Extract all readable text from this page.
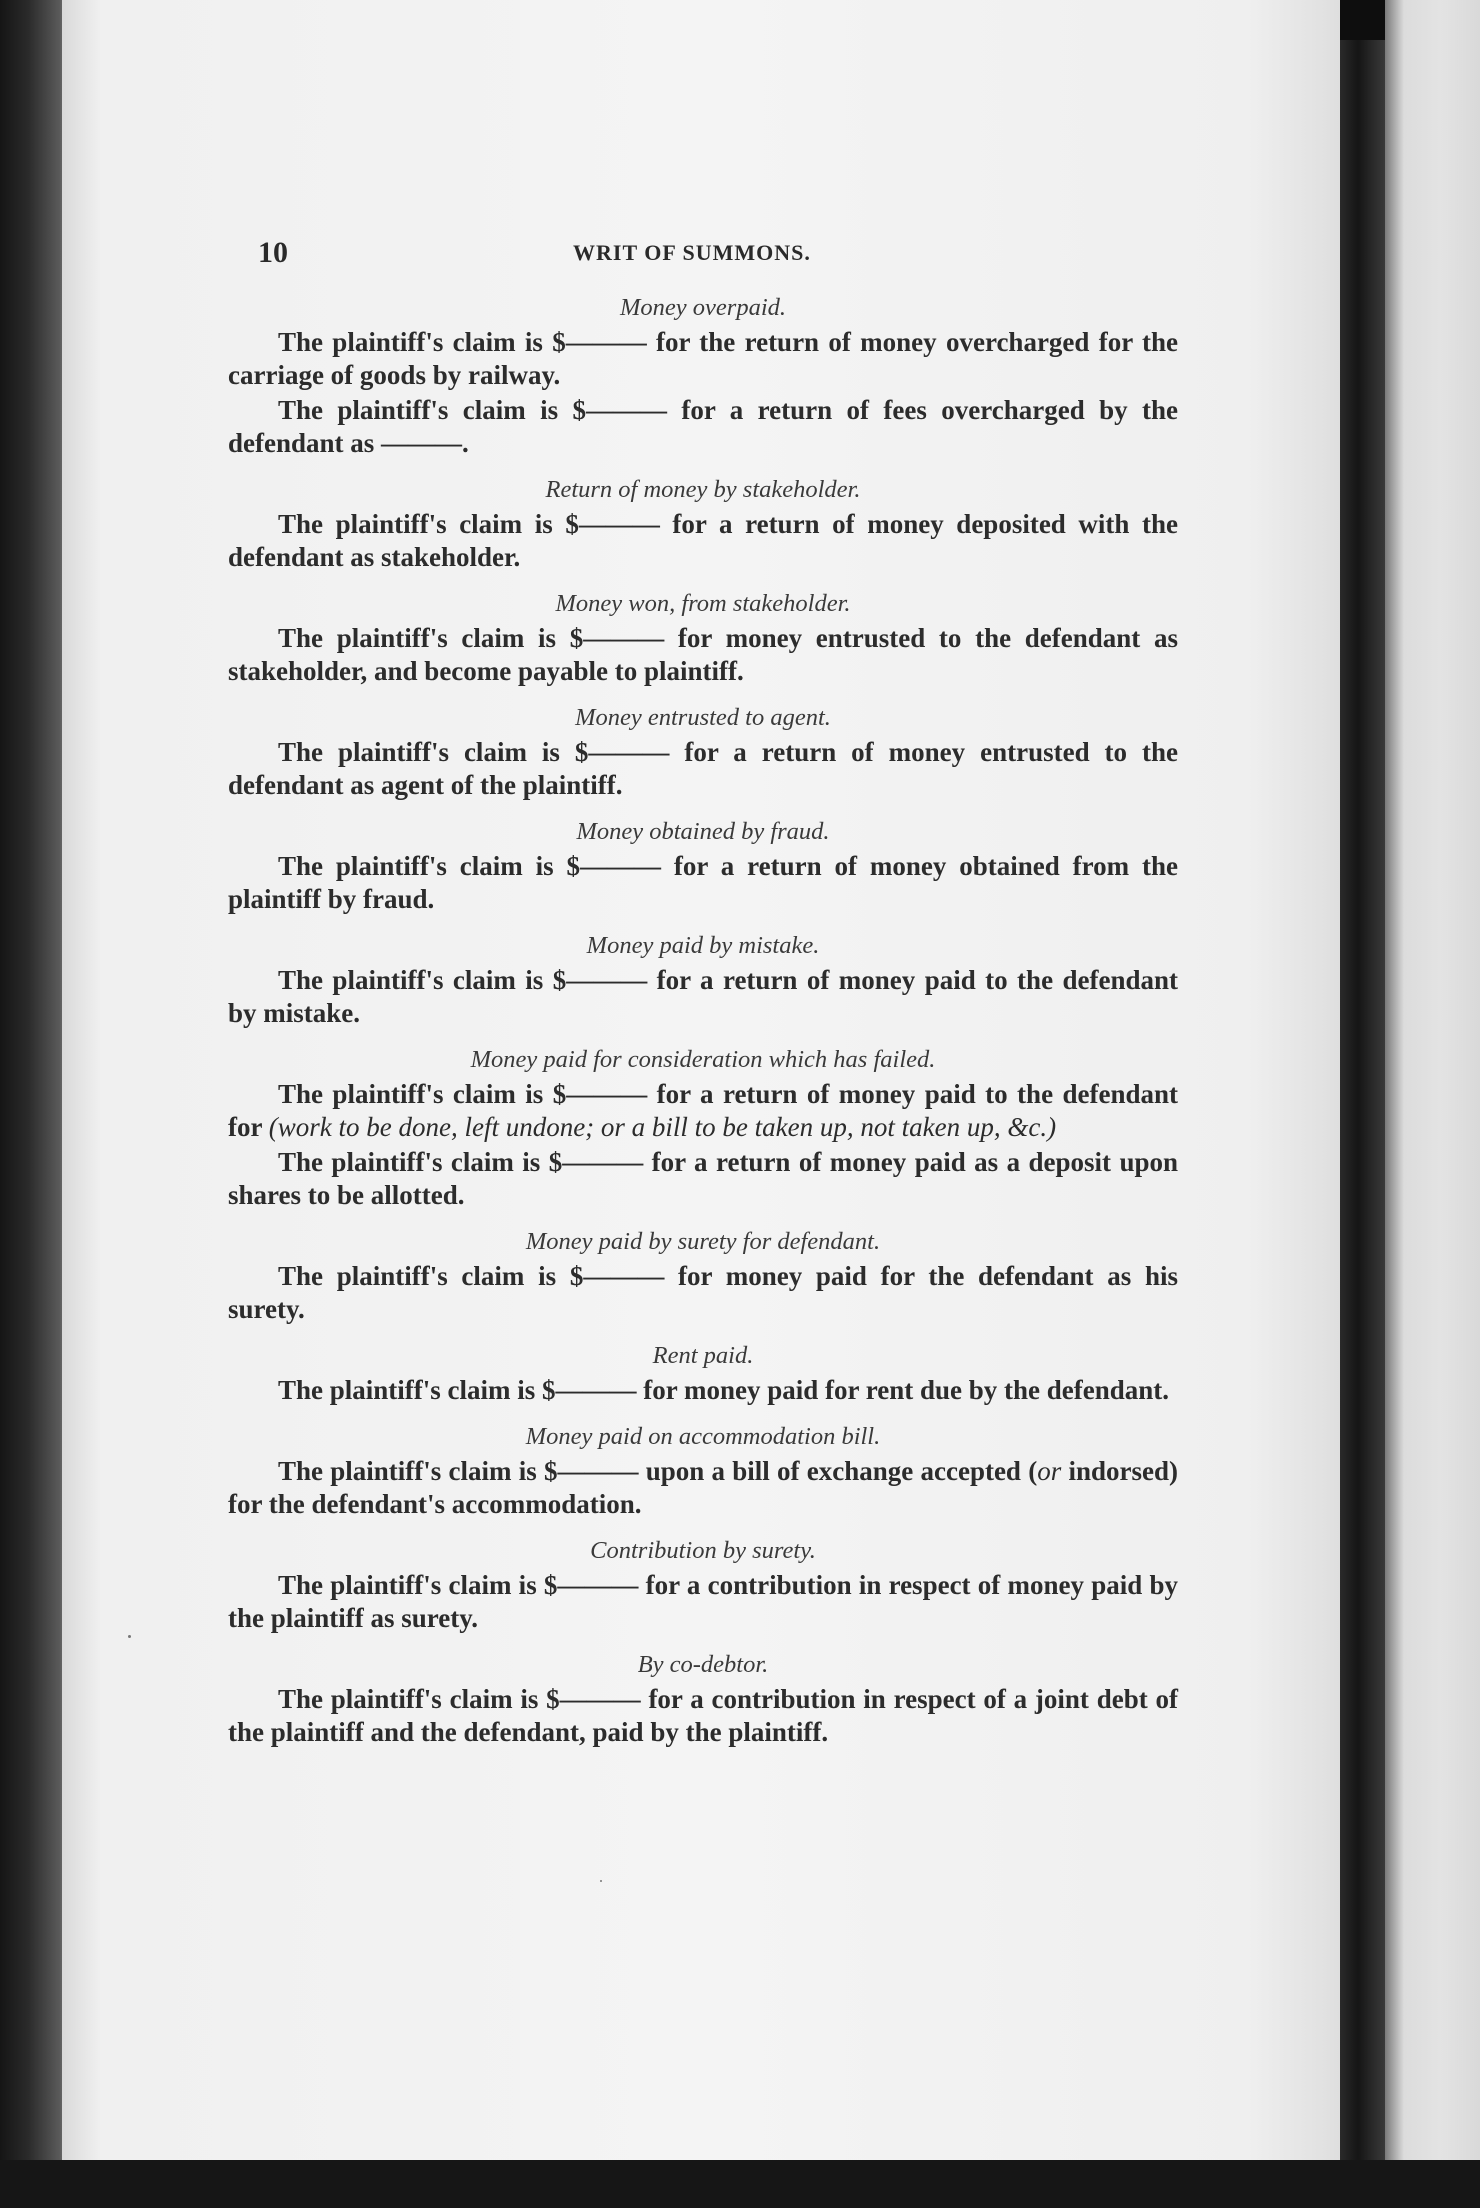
10	WRIT OF SUMMONS.
Money overpaid.
The plaintiff's claim is $——— for the return of money overcharged for the carriage of goods by railway.
The plaintiff's claim is $——— for a return of fees overcharged by the defendant as ———.
Return of money by stakeholder.
The plaintiff's claim is $——— for a return of money deposited with the defendant as stakeholder.
Money won, from stakeholder.
The plaintiff's claim is $——— for money entrusted to the defendant as stakeholder, and become payable to plaintiff.
Money entrusted to agent.
The plaintiff's claim is $——— for a return of money entrusted to the defendant as agent of the plaintiff.
Money obtained by fraud.
The plaintiff's claim is $——— for a return of money obtained from the plaintiff by fraud.
Money paid by mistake.
The plaintiff's claim is $——— for a return of money paid to the defendant by mistake.
Money paid for consideration which has failed.
The plaintiff's claim is $——— for a return of money paid to the defendant for (work to be done, left undone; or a bill to be taken up, not taken up, &c.)
The plaintiff's claim is $——— for a return of money paid as a deposit upon shares to be allotted.
Money paid by surety for defendant.
The plaintiff's claim is $——— for money paid for the defendant as his surety.
Rent paid.
The plaintiff's claim is $——— for money paid for rent due by the defendant.
Money paid on accommodation bill.
The plaintiff's claim is $——— upon a bill of exchange accepted (or indorsed) for the defendant's accommodation.
Contribution by surety.
The plaintiff's claim is $——— for a contribution in respect of money paid by the plaintiff as surety.
By co-debtor.
The plaintiff's claim is $——— for a contribution in respect of a joint debt of the plaintiff and the defendant, paid by the plaintiff.
